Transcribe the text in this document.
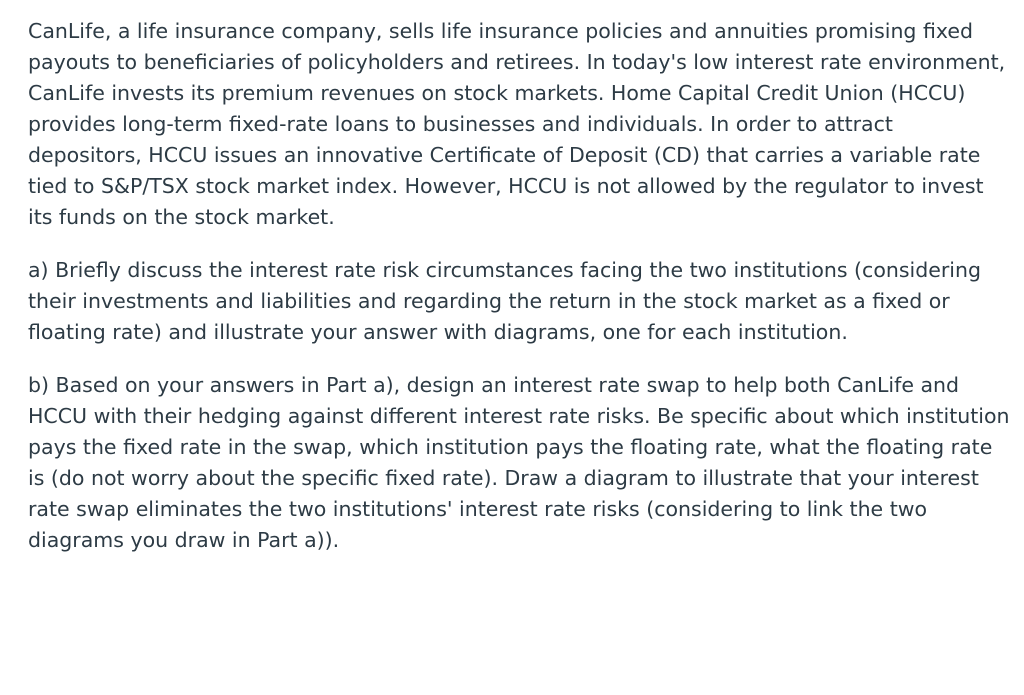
CanLife, a life insurance company, sells life insurance policies and annuities promising fixed payouts to beneficiaries of policyholders and retirees. In today's low interest rate environment, CanLife invests its premium revenues on stock markets. Home Capital Credit Union (HCCU) provides long-term fixed-rate loans to businesses and individuals. In order to attract depositors, HCCU issues an innovative Certificate of Deposit (CD) that carries a variable rate tied to S&P/TSX stock market index. However, HCCU is not allowed by the regulator to invest its funds on the stock market.

a) Briefly discuss the interest rate risk circumstances facing the two institutions (considering their investments and liabilities and regarding the return in the stock market as a fixed or floating rate) and illustrate your answer with diagrams, one for each institution.

b) Based on your answers in Part a), design an interest rate swap to help both CanLife and HCCU with their hedging against different interest rate risks. Be specific about which institution pays the fixed rate in the swap, which institution pays the floating rate, what the floating rate is (do not worry about the specific fixed rate). Draw a diagram to illustrate that your interest rate swap eliminates the two institutions' interest rate risks (considering to link the two diagrams you draw in Part a)).
